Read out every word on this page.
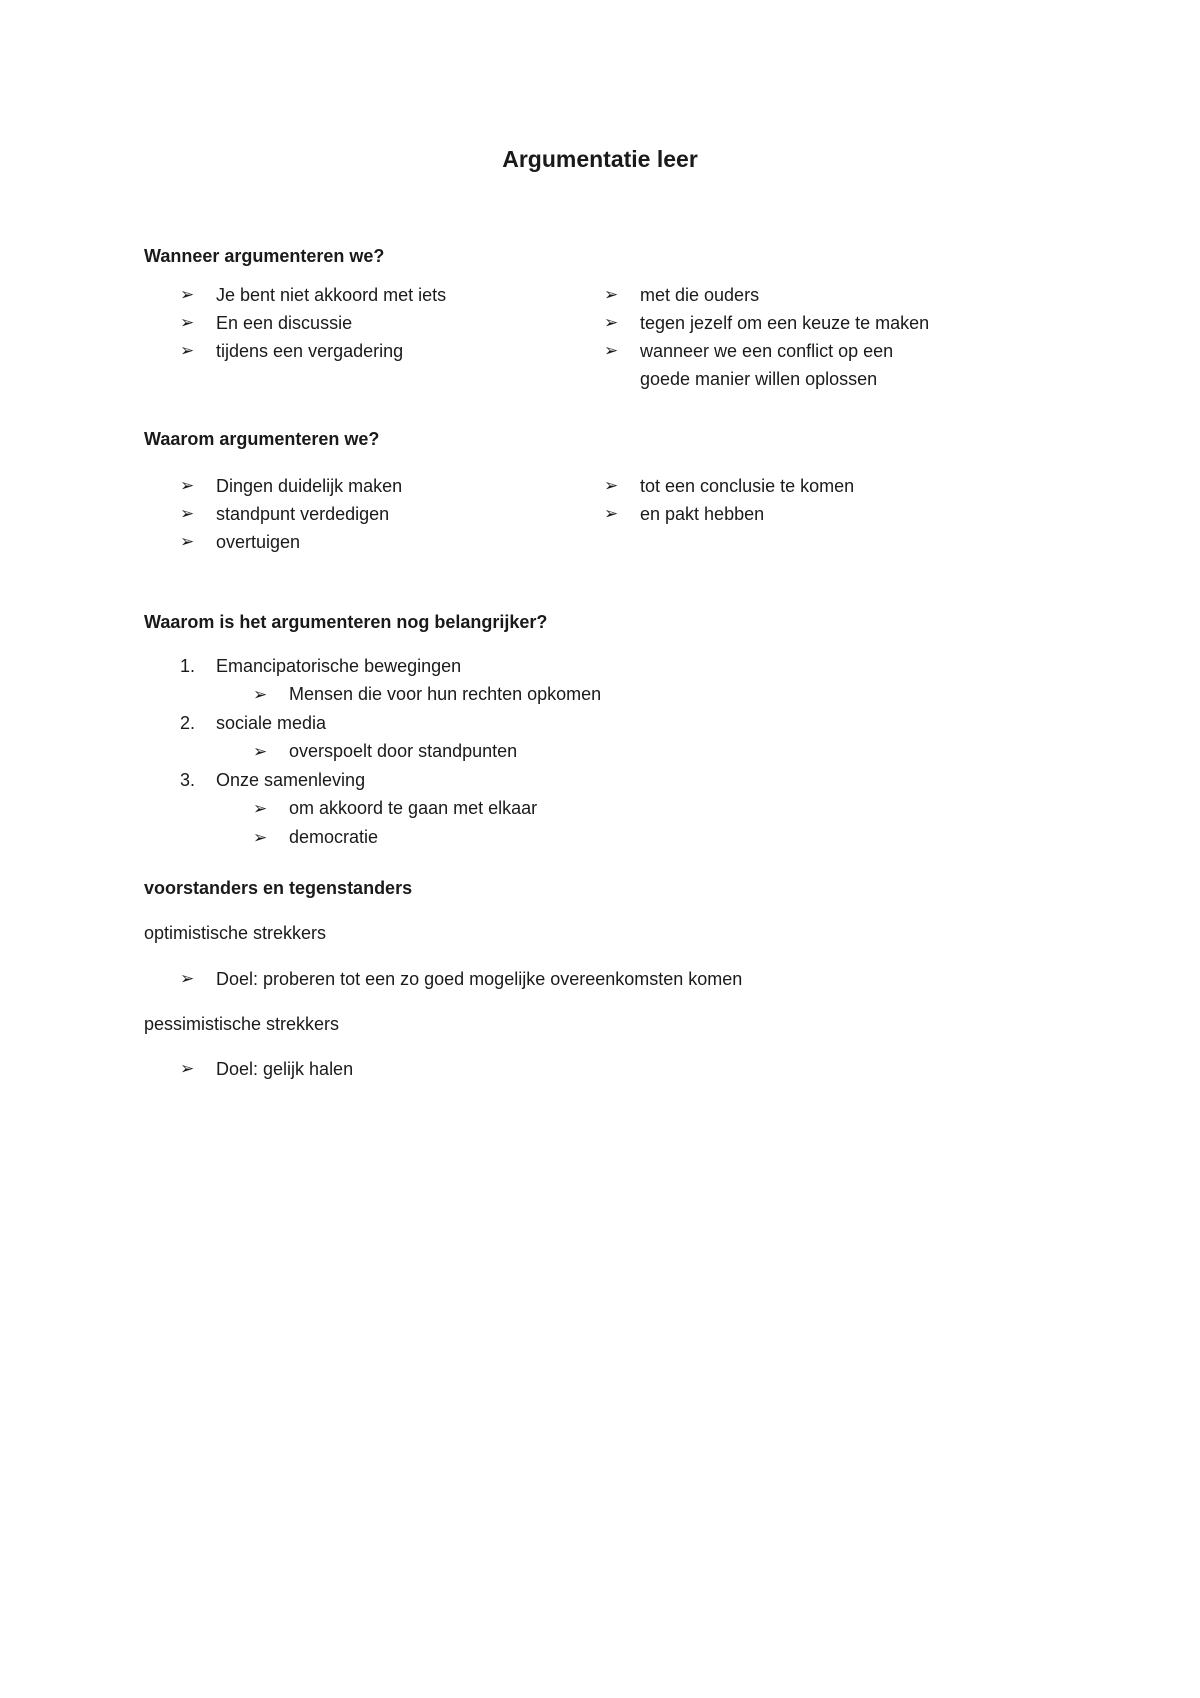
Argumentatie leer
Wanneer argumenteren we?
➢ Je bent niet akkoord met iets
➢ En een discussie
➢ tijdens een vergadering
➢ met die ouders
➢ tegen jezelf om een keuze te maken
➢ wanneer we een conflict op een
goede manier willen oplossen
Waarom argumenteren we?
➢ Dingen duidelijk maken
➢ standpunt verdedigen
➢ overtuigen
➢ tot een conclusie te komen
➢ en pakt hebben
Waarom is het argumenteren nog belangrijker?
1. Emancipatorische bewegingen
➢ Mensen die voor hun rechten opkomen
2. sociale media
➢ overspoelt door standpunten
3. Onze samenleving
➢ om akkoord te gaan met elkaar
➢ democratie
voorstanders en tegenstanders

optimistische strekkers

➢ Doel: proberen tot een zo goed mogelijke overeenkomsten komen

pessimistische strekkers

➢ Doel: gelijk halen
